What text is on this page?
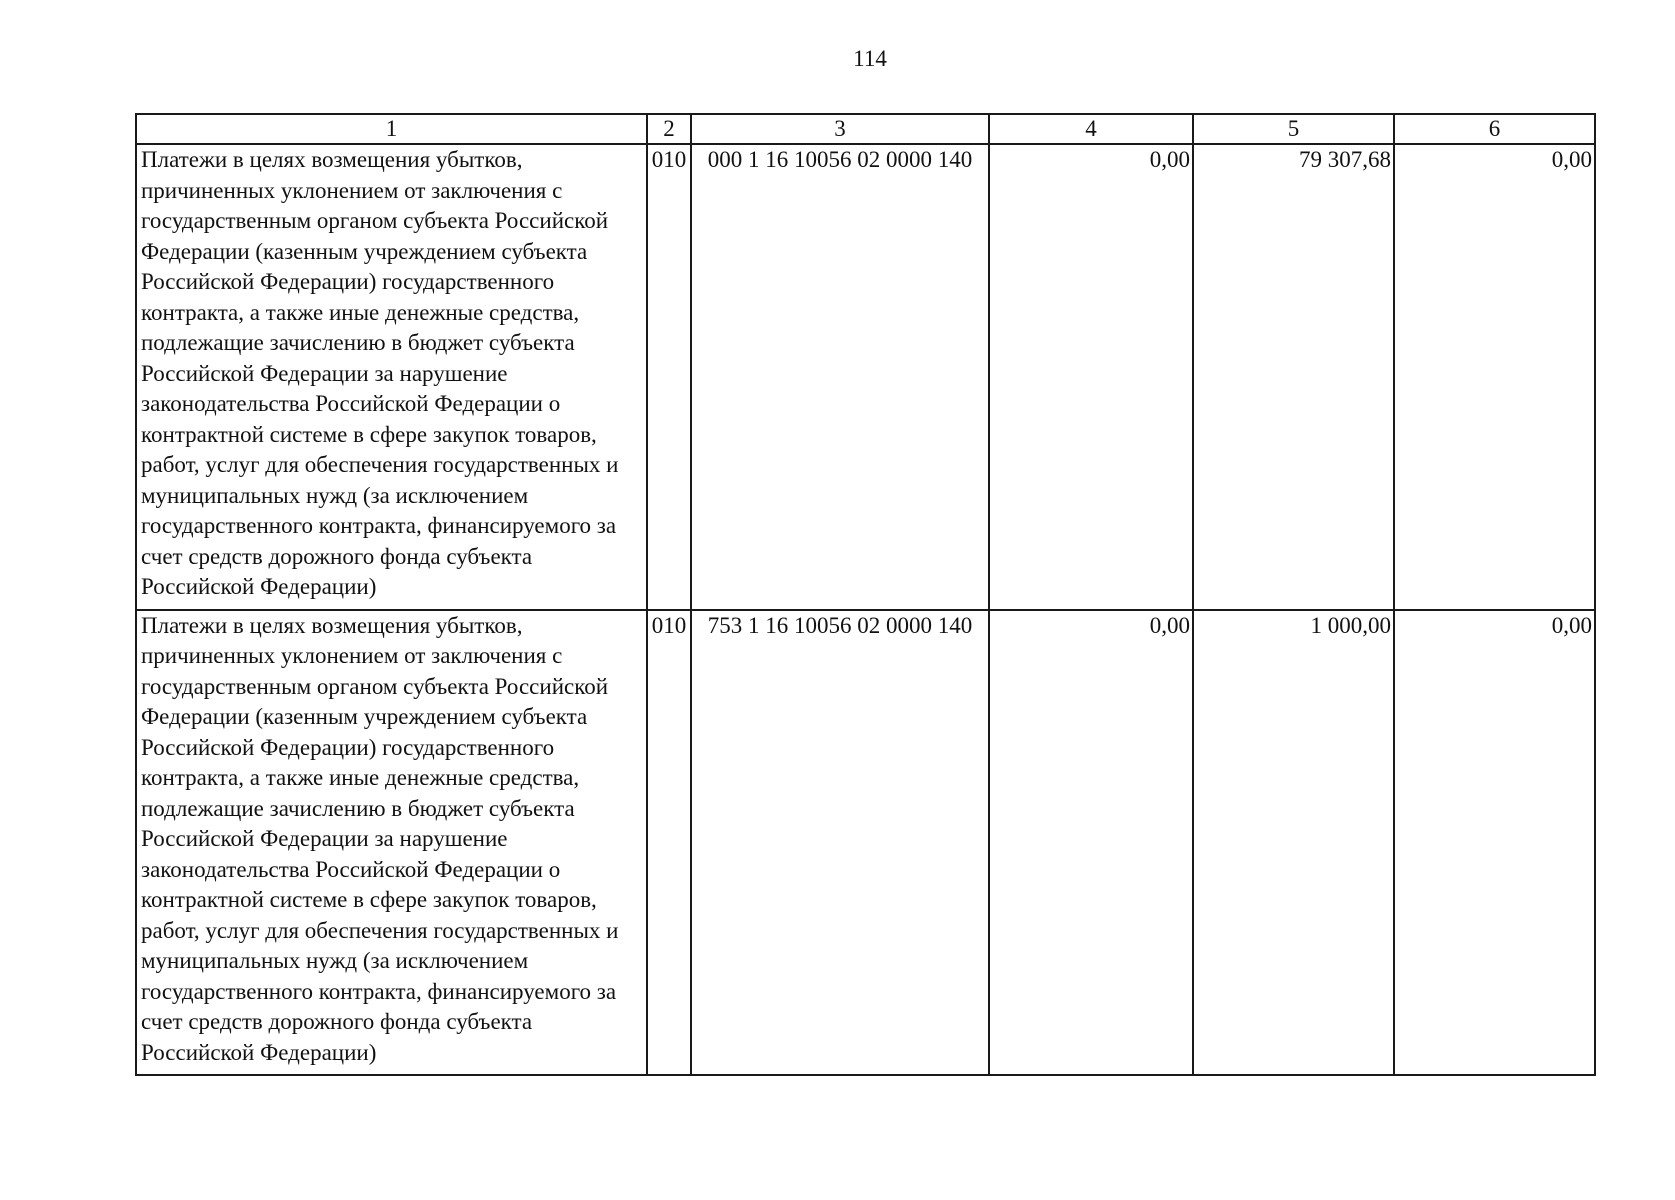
114
1	2	3	4	5	6
Платежи в целях возмещения убытков, причиненных уклонением от заключения с государственным органом субъекта Российской Федерации (казенным учреждением субъекта Российской Федерации) государственного контракта, а также иные денежные средства, подлежащие зачислению в бюджет субъекта Российской Федерации за нарушение законодательства Российской Федерации о контрактной системе в сфере закупок товаров, работ, услуг для обеспечения государственных и муниципальных нужд (за исключением государственного контракта, финансируемого за счет средств дорожного фонда субъекта Российской Федерации)	010	000 1 16 10056 02 0000 140	0,00	79 307,68	0,00
Платежи в целях возмещения убытков, причиненных уклонением от заключения с государственным органом субъекта Российской Федерации (казенным учреждением субъекта Российской Федерации) государственного контракта, а также иные денежные средства, подлежащие зачислению в бюджет субъекта Российской Федерации за нарушение законодательства Российской Федерации о контрактной системе в сфере закупок товаров, работ, услуг для обеспечения государственных и муниципальных нужд (за исключением государственного контракта, финансируемого за счет средств дорожного фонда субъекта Российской Федерации)	010	753 1 16 10056 02 0000 140	0,00	1 000,00	0,00
